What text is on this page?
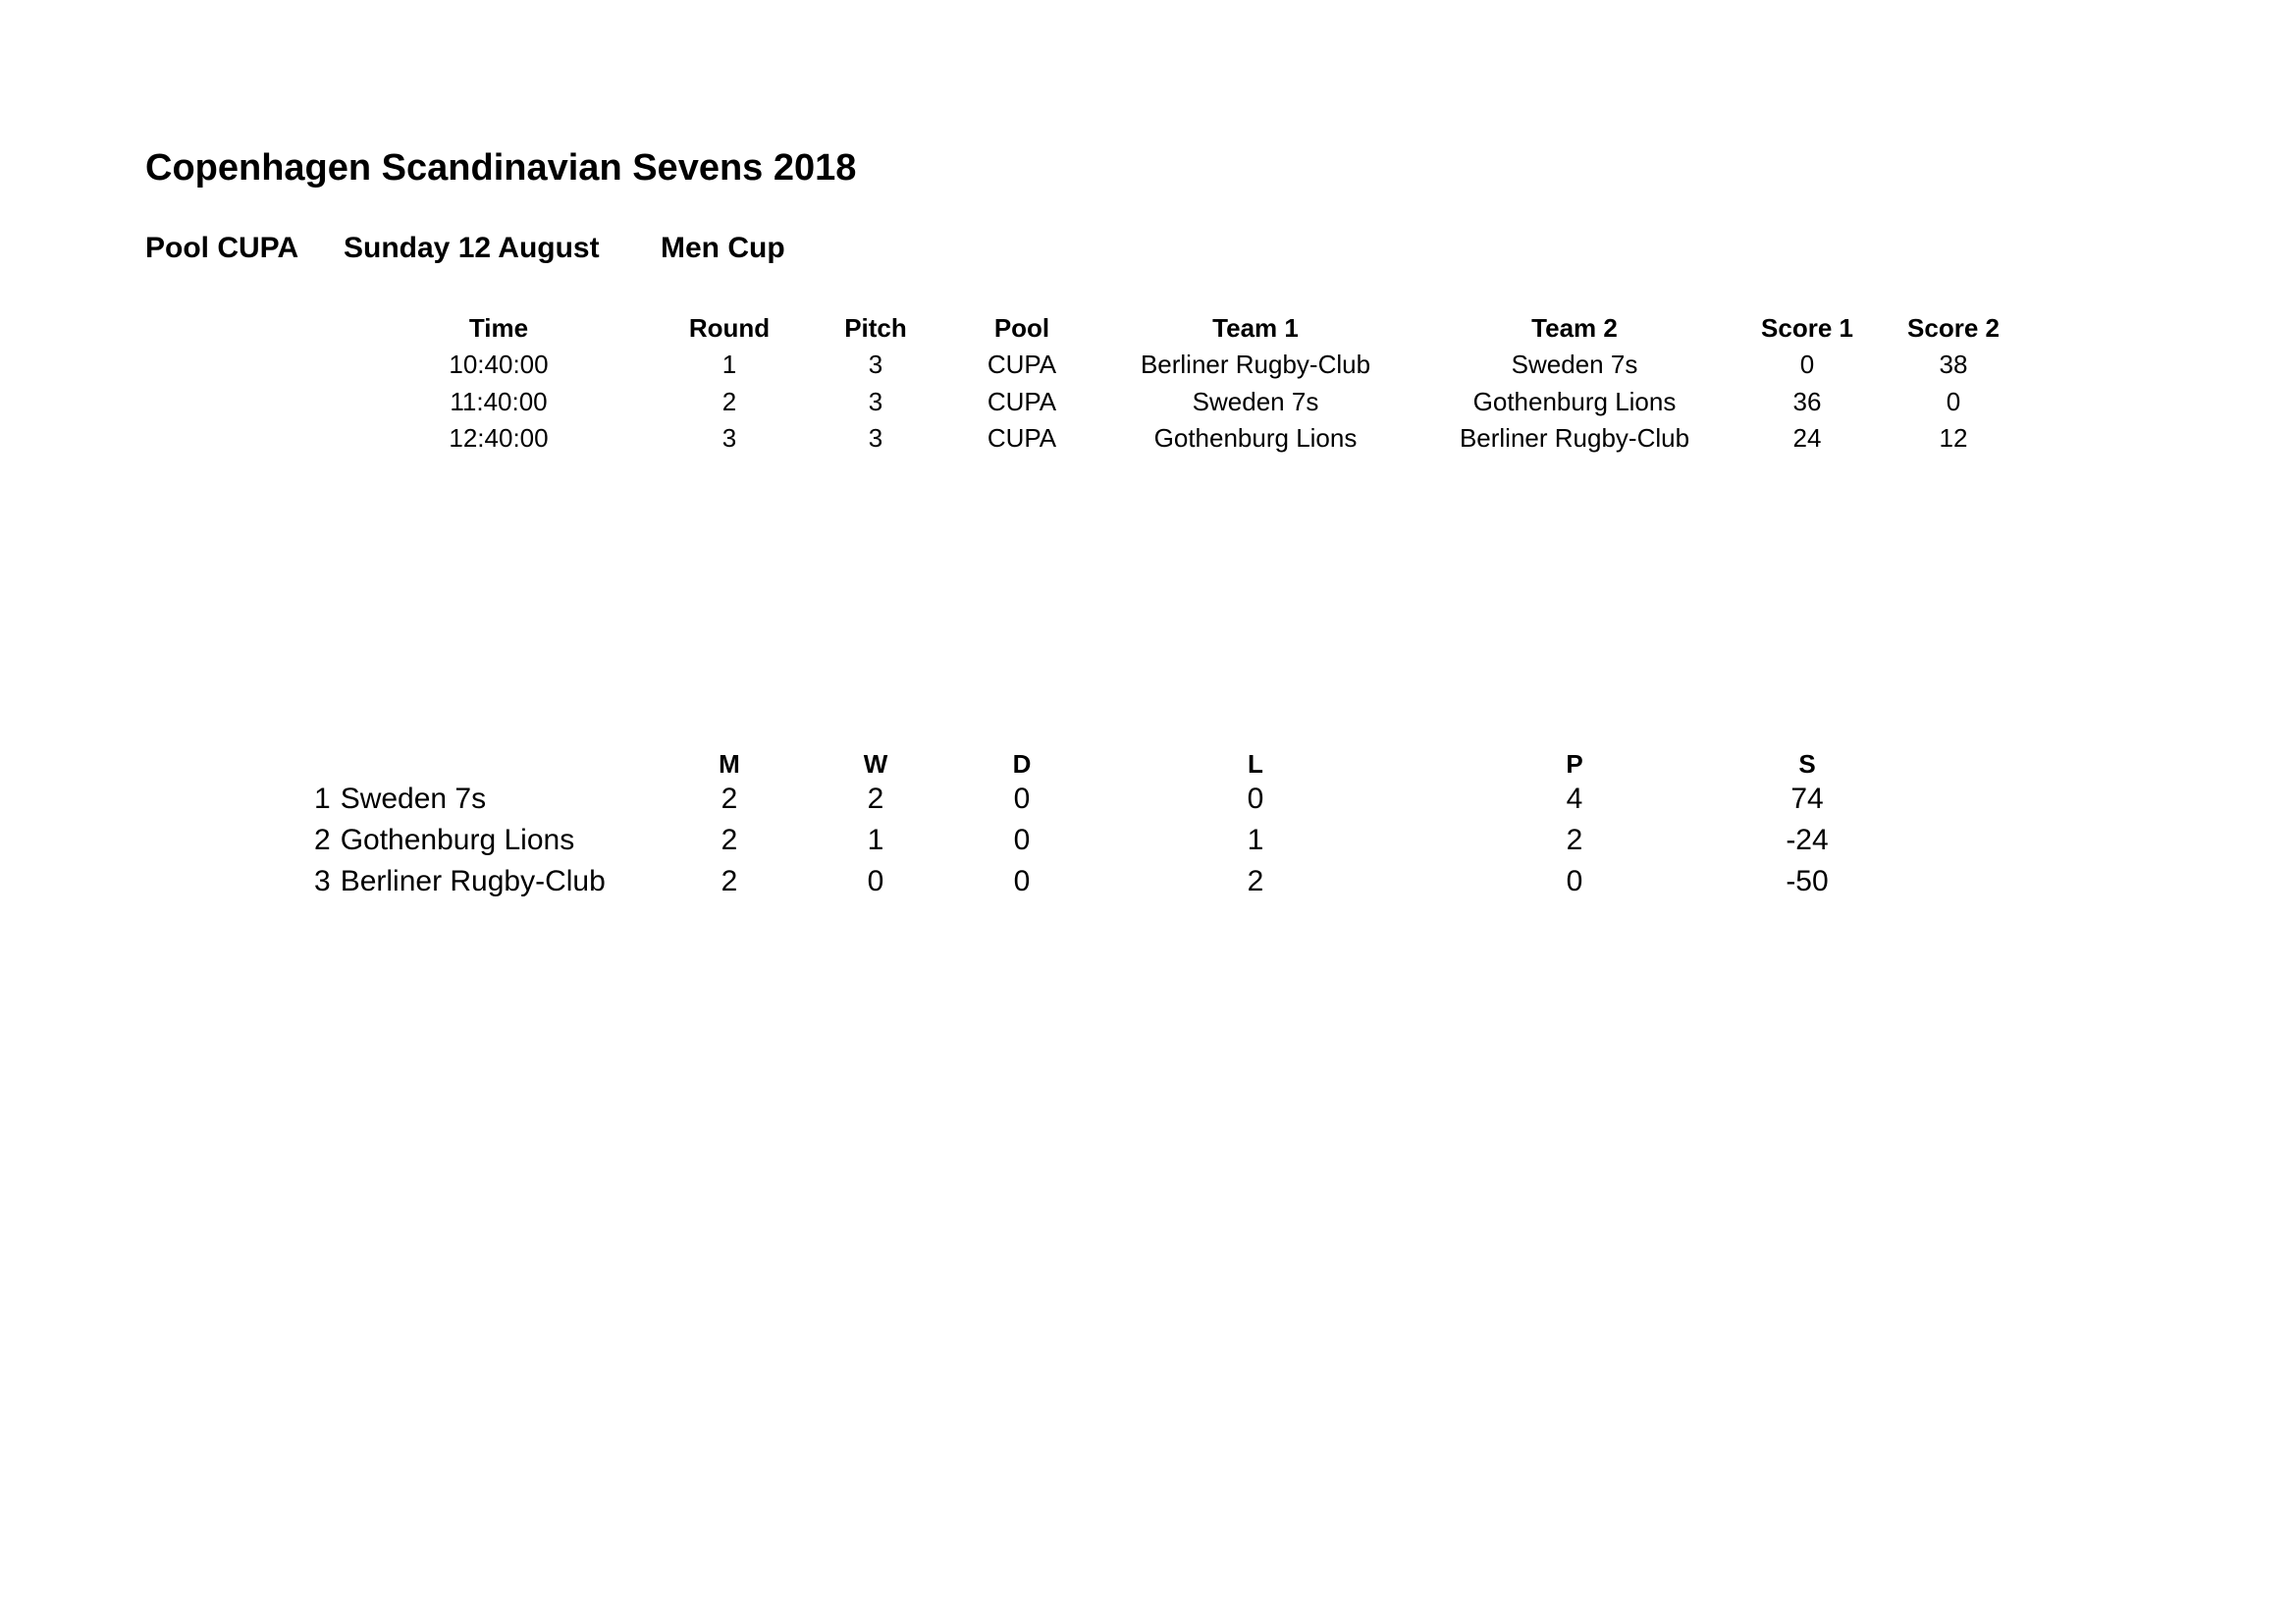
Copenhagen Scandinavian Sevens 2018
Pool CUPA Sunday 12 August Men Cup
Time	Round	Pitch	Pool	Team 1	Team 2	Score 1	Score 2
10:40:00	1	3	CUPA	Berliner Rugby-Club	Sweden 7s	0	38
11:40:00	2	3	CUPA	Sweden 7s	Gothenburg Lions	36	0
12:40:00	3	3	CUPA	Gothenburg Lions	Berliner Rugby-Club	24	12
M	W	D	L	P	S
1 Sweden 7s	2	2	0	0	4	74
2 Gothenburg Lions	2	1	0	1	2	-24
3 Berliner Rugby-Club	2	0	0	2	0	-50
